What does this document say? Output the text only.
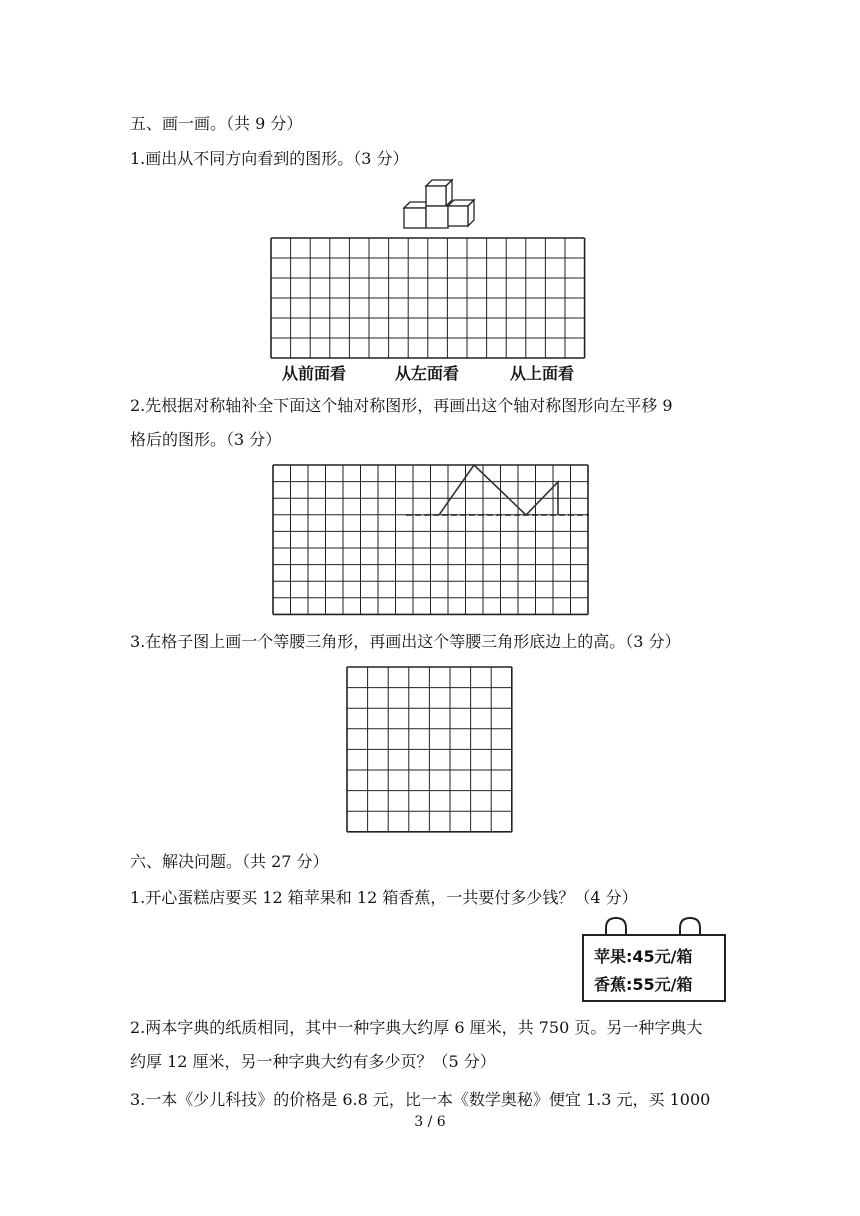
五、画一画。（共 9 分）
1.画出从不同方向看到的图形。（3 分）
从前面看	从左面看	从上面看
2.先根据对称轴补全下面这个轴对称图形，再画出这个轴对称图形向左平移 9
格后的图形。（3 分）
3.在格子图上画一个等腰三角形，再画出这个等腰三角形底边上的高。（3 分）
六、解决问题。（共 27 分）
1.开心蛋糕店要买 12 箱苹果和 12 箱香蕉，一共要付多少钱？（4 分）
苹果:45元/箱
香蕉:55元/箱
2.两本字典的纸质相同，其中一种字典大约厚 6 厘米，共 750 页。另一种字典大
约厚 12 厘米，另一种字典大约有多少页？（5 分）
3.一本《少儿科技》的价格是 6.8 元，比一本《数学奥秘》便宜 1.3 元，买 1000
3 / 6
